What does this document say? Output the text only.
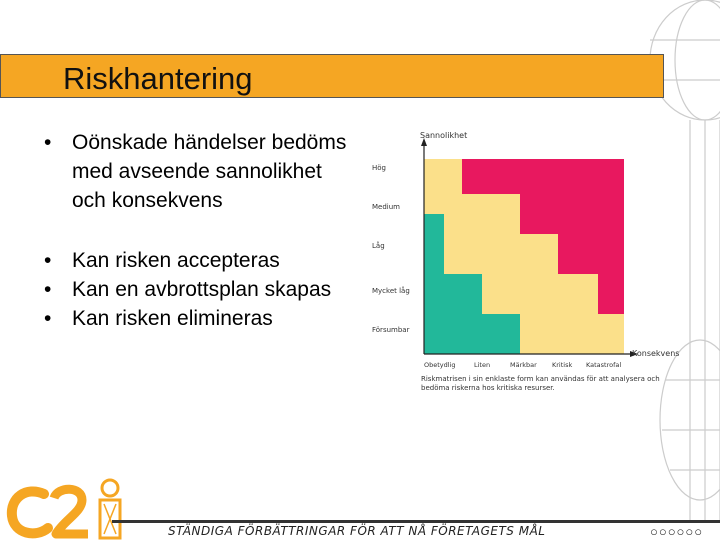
Riskhantering

• Oönskade händelser bedöms med avseende sannolikhet och konsekvens

• Kan risken accepteras

• Kan en avbrottsplan skapas

• Kan risken elimineras

Sannolikhet
Konsekvens
Hög
Medium
Låg
Mycket låg
Försumbar
Obetydlig	Liten	Märkbar Kritisk Katastrofal
Riskmatrisen i sin enklaste form kan användas för att analysera och bedöma riskerna hos kritiska resurser.
STÄNDIGA FÖRBÄTTRINGAR FÖR ATT NÅ FÖRETAGETS MÅL	○○○○○○
